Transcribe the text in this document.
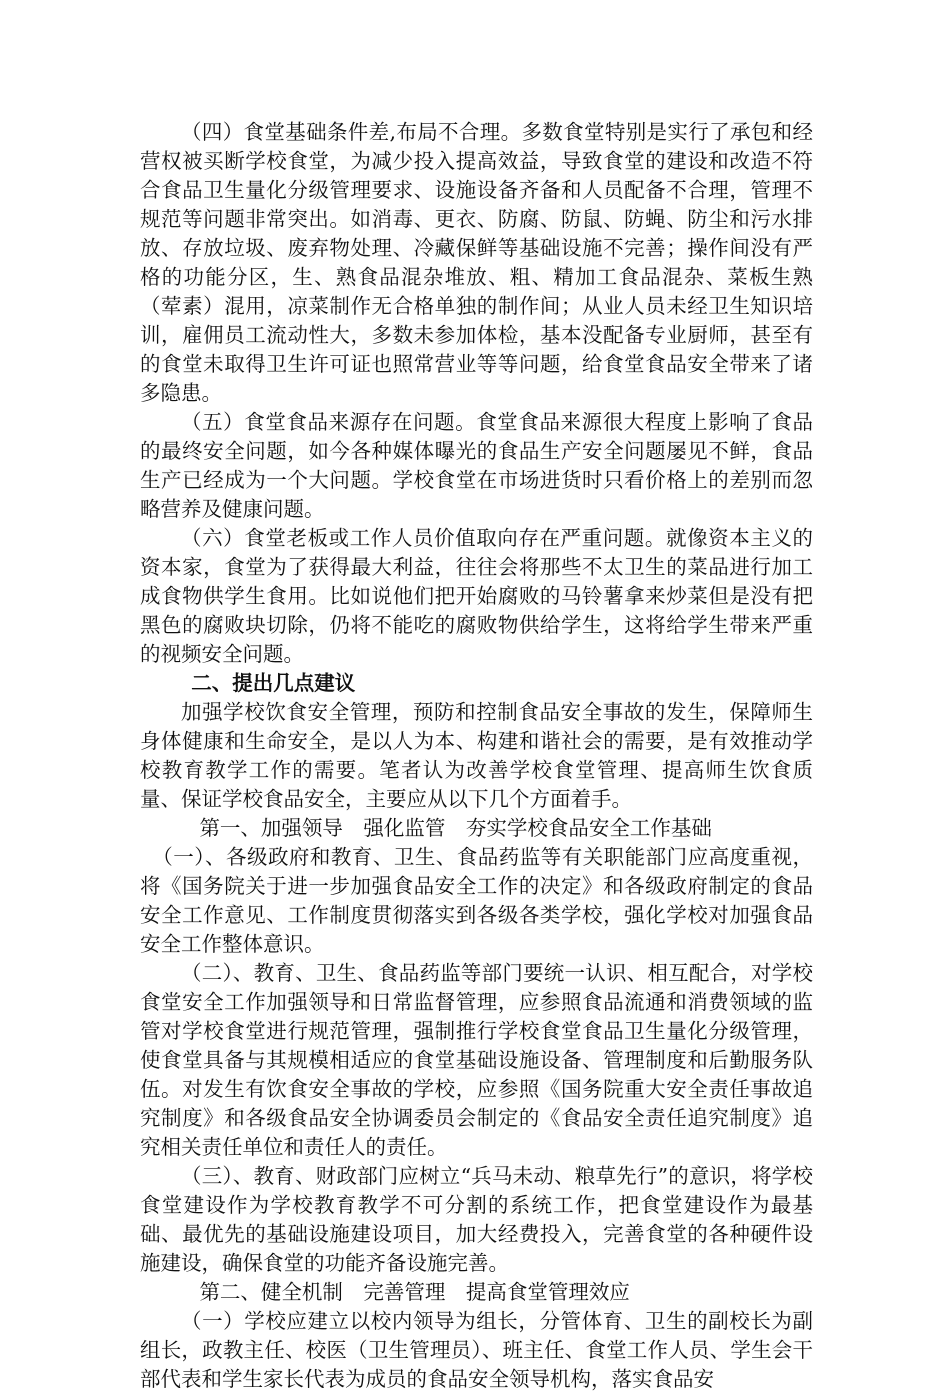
（四）食堂基础条件差,布局不合理。多数食堂特别是实行了承包和经营权被买断学校食堂，为减少投入提高效益，导致食堂的建设和改造不符合食品卫生量化分级管理要求、设施设备齐备和人员配备不合理，管理不规范等问题非常突出。如消毒、更衣、防腐、防鼠、防蝇、防尘和污水排放、存放垃圾、废弃物处理、冷藏保鲜等基础设施不完善；操作间没有严格的功能分区，生、熟食品混杂堆放、粗、精加工食品混杂、菜板生熟（荤素）混用，凉菜制作无合格单独的制作间；从业人员未经卫生知识培训，雇佣员工流动性大，多数未参加体检，基本没配备专业厨师，甚至有的食堂未取得卫生许可证也照常营业等等问题，给食堂食品安全带来了诸多隐患。

（五）食堂食品来源存在问题。食堂食品来源很大程度上影响了食品的最终安全问题，如今各种媒体曝光的食品生产安全问题屡见不鲜，食品生产已经成为一个大问题。学校食堂在市场进货时只看价格上的差别而忽略营养及健康问题。

（六）食堂老板或工作人员价值取向存在严重问题。就像资本主义的资本家，食堂为了获得最大利益，往往会将那些不太卫生的菜品进行加工成食物供学生食用。比如说他们把开始腐败的马铃薯拿来炒菜但是没有把黑色的腐败块切除，仍将不能吃的腐败物供给学生，这将给学生带来严重的视频安全问题。

二、提出几点建议

加强学校饮食安全管理，预防和控制食品安全事故的发生，保障师生身体健康和生命安全，是以人为本、构建和谐社会的需要，是有效推动学校教育教学工作的需要。笔者认为改善学校食堂管理、提高师生饮食质量、保证学校食品安全，主要应从以下几个方面着手。

第一、加强领导　强化监管　夯实学校食品安全工作基础

（一）、各级政府和教育、卫生、食品药监等有关职能部门应高度重视，将《国务院关于进一步加强食品安全工作的决定》和各级政府制定的食品安全工作意见、工作制度贯彻落实到各级各类学校，强化学校对加强食品安全工作整体意识。

（二）、教育、卫生、食品药监等部门要统一认识、相互配合，对学校食堂安全工作加强领导和日常监督管理，应参照食品流通和消费领域的监管对学校食堂进行规范管理，强制推行学校食堂食品卫生量化分级管理，使食堂具备与其规模相适应的食堂基础设施设备、管理制度和后勤服务队伍。对发生有饮食安全事故的学校，应参照《国务院重大安全责任事故追究制度》和各级食品安全协调委员会制定的《食品安全责任追究制度》追究相关责任单位和责任人的责任。

（三）、教育、财政部门应树立“兵马未动、粮草先行”的意识，将学校食堂建设作为学校教育教学不可分割的系统工作，把食堂建设作为最基础、最优先的基础设施建设项目，加大经费投入，完善食堂的各种硬件设施建设，确保食堂的功能齐备设施完善。

第二、健全机制　完善管理　提高食堂管理效应

（一）学校应建立以校内领导为组长，分管体育、卫生的副校长为副组长，政教主任、校医（卫生管理员）、班主任、食堂工作人员、学生会干部代表和学生家长代表为成员的食品安全领导机构，落实食品安
